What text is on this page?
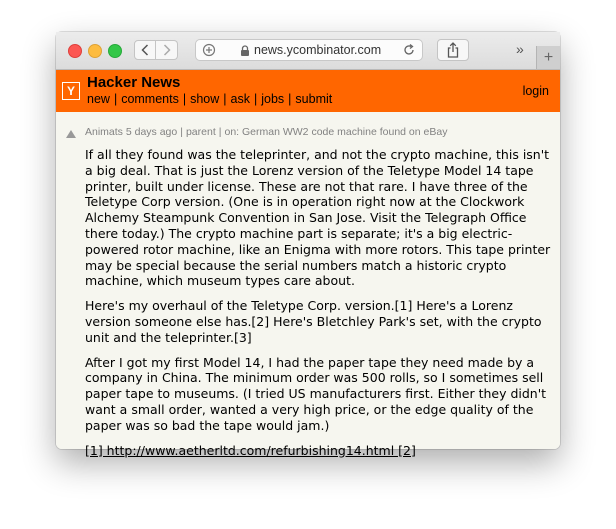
news.ycombinator.com	» +
Y Hacker News
new | comments | show | ask | jobs | submit
login
Animats 5 days ago | parent | on: German WW2 code machine found on eBay

If all they found was the teleprinter, and not the crypto machine, this isn't a big deal. That is just the Lorenz version of the Teletype Model 14 tape printer, built under license. These are not that rare. I have three of the Teletype Corp version. (One is in operation right now at the Clockwork Alchemy Steampunk Convention in San Jose. Visit the Telegraph Office there today.) The crypto machine part is separate; it's a big electric-powered rotor machine, like an Enigma with more rotors. This tape printer may be special because the serial numbers match a historic crypto machine, which museum types care about.

Here's my overhaul of the Teletype Corp. version.[1] Here's a Lorenz version someone else has.[2] Here's Bletchley Park's set, with the crypto unit and the teleprinter.[3]

After I got my first Model 14, I had the paper tape they need made by a company in China. The minimum order was 500 rolls, so I sometimes sell paper tape to museums. (I tried US manufacturers first. Either they didn't want a small order, wanted a very high price, or the edge quality of the paper was so bad the tape would jam.)

[1] http://www.aetherltd.com/refurbishing14.html [2]
